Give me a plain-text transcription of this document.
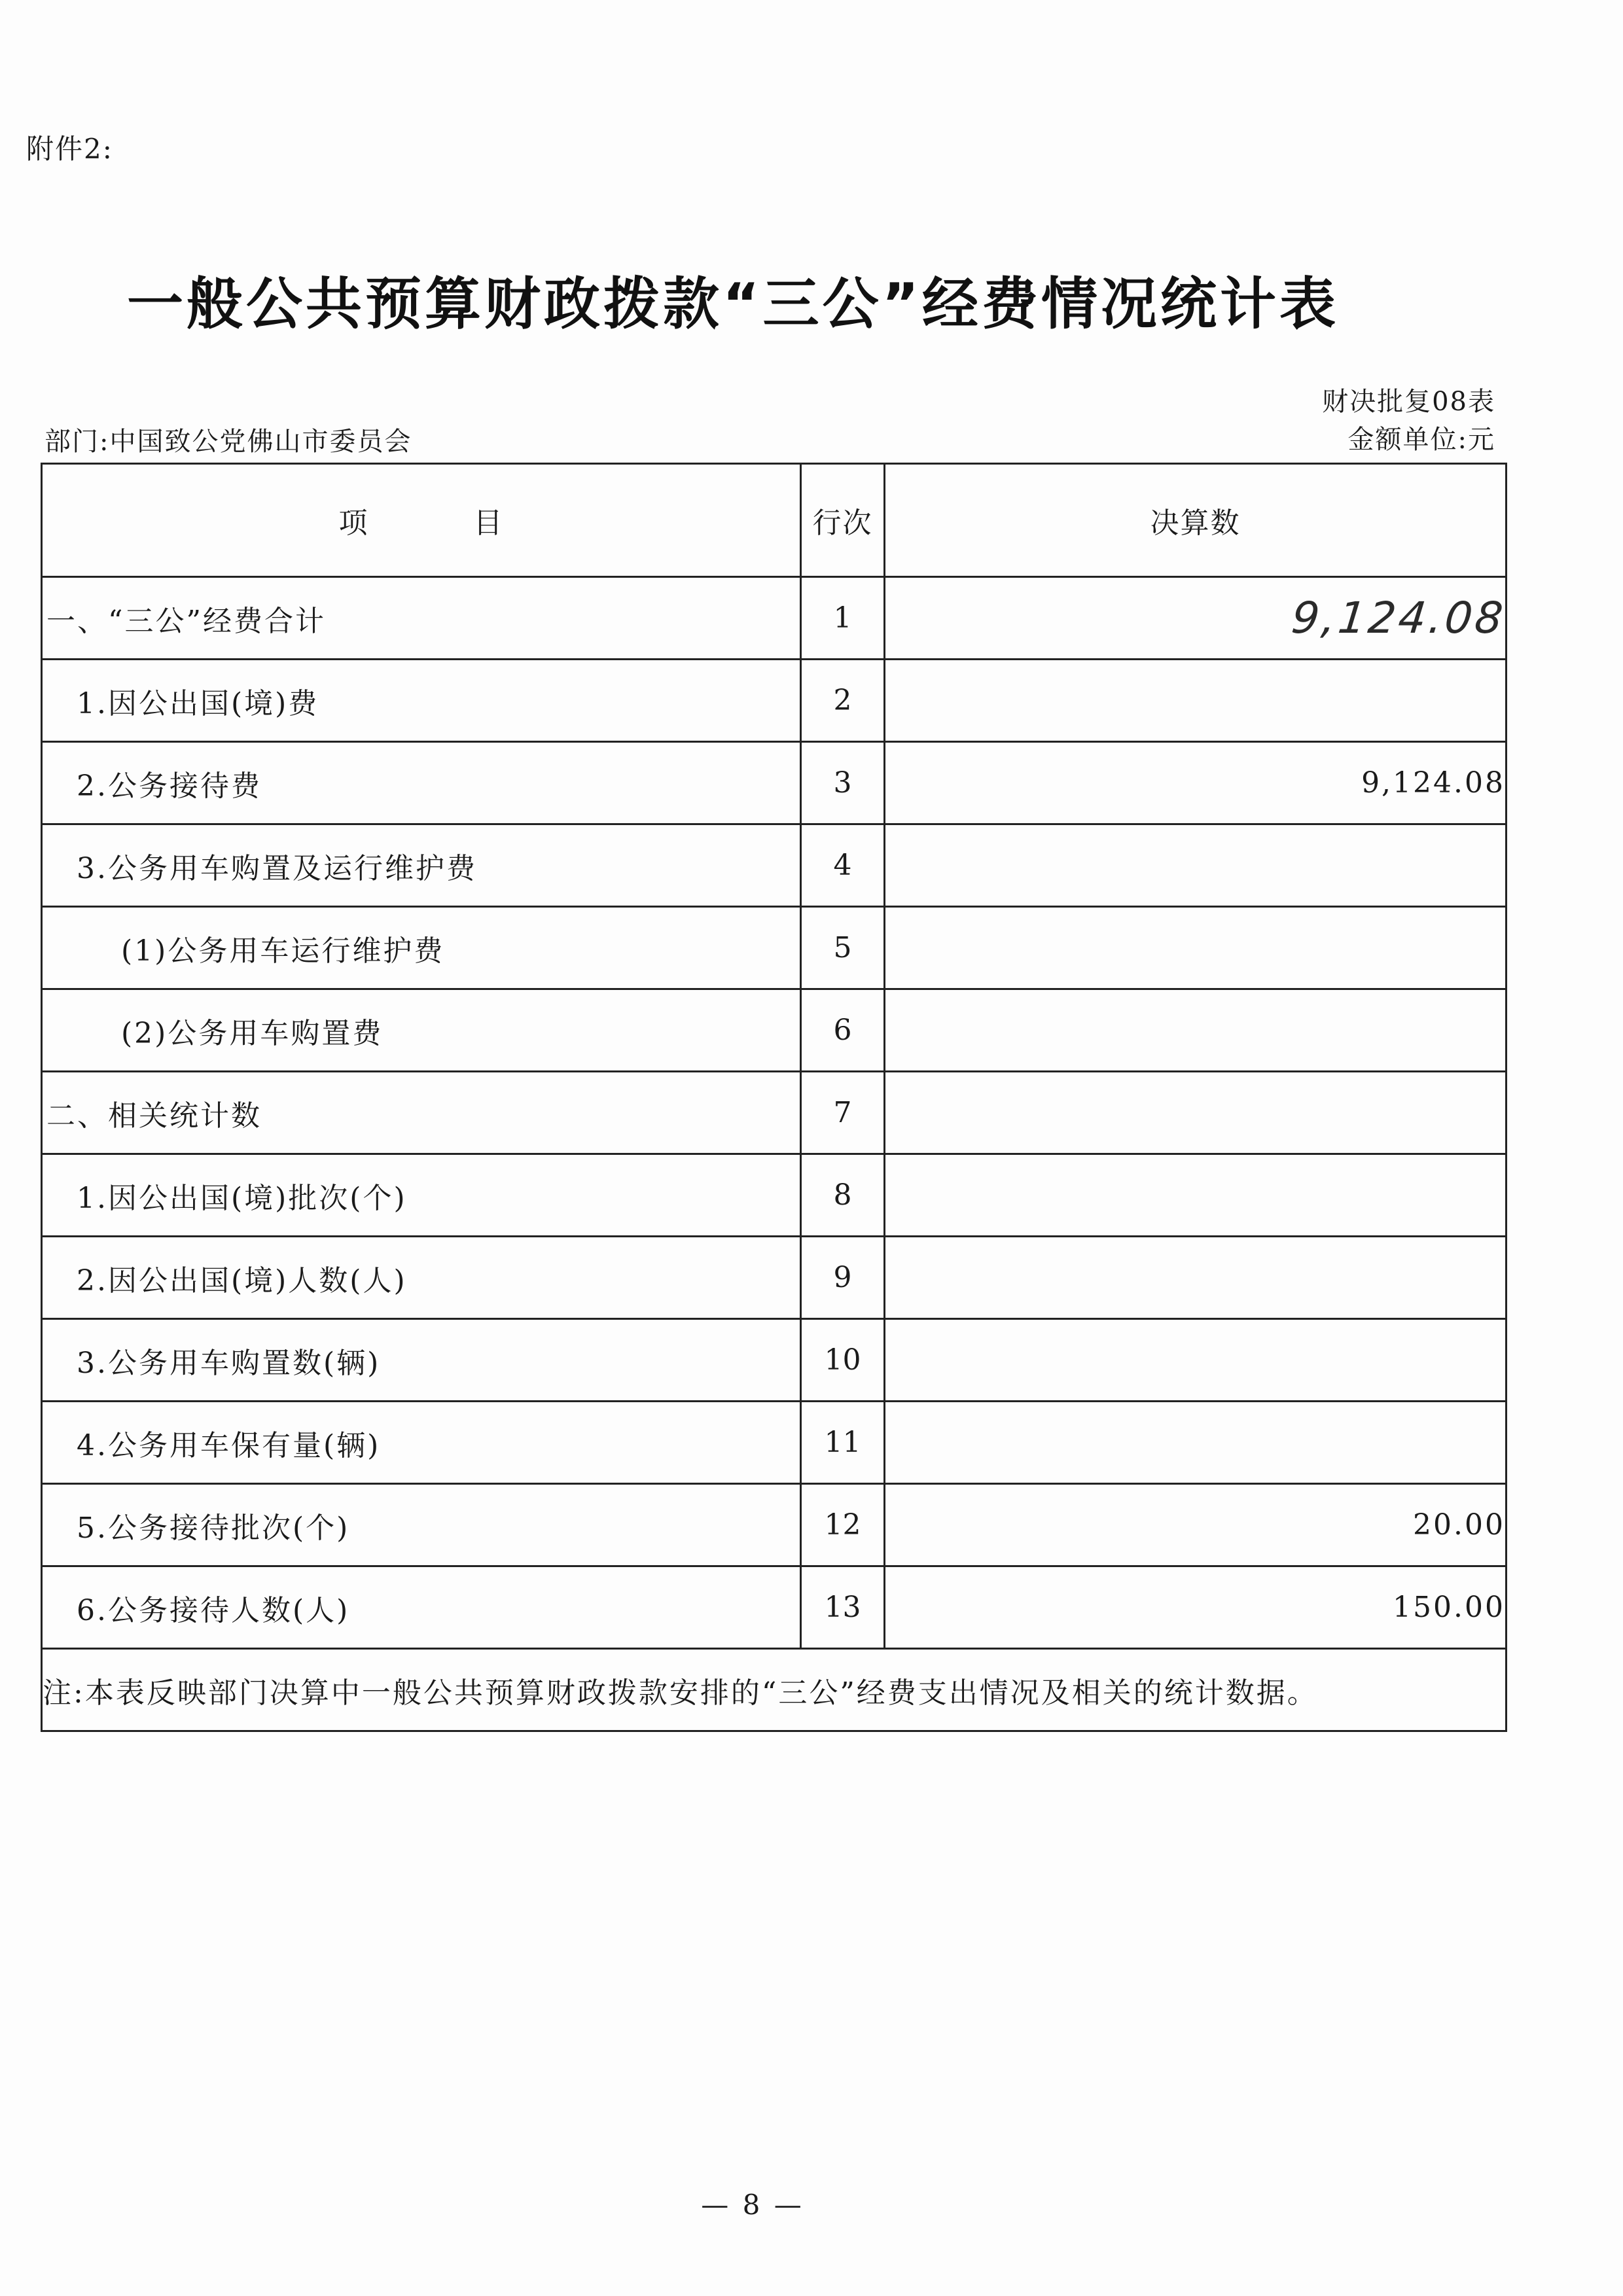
附件2:
一般公共预算财政拨款“三公”经费情况统计表
财决批复08表
金额单位:元
部门:中国致公党佛山市委员会
项 目	行次	决算数
一、“三公”经费合计	1	9,124.08
1.因公出国(境)费	2	
2.公务接待费	3	9,124.08
3.公务用车购置及运行维护费	4	
(1)公务用车运行维护费	5	
(2)公务用车购置费	6	
二、相关统计数	7	
1.因公出国(境)批次(个)	8	
2.因公出国(境)人数(人)	9	
3.公务用车购置数(辆)	10	
4.公务用车保有量(辆)	11	
5.公务接待批次(个)	12	20.00
6.公务接待人数(人)	13	150.00
注:本表反映部门决算中一般公共预算财政拨款安排的“三公”经费支出情况及相关的统计数据。		
— 8 —
